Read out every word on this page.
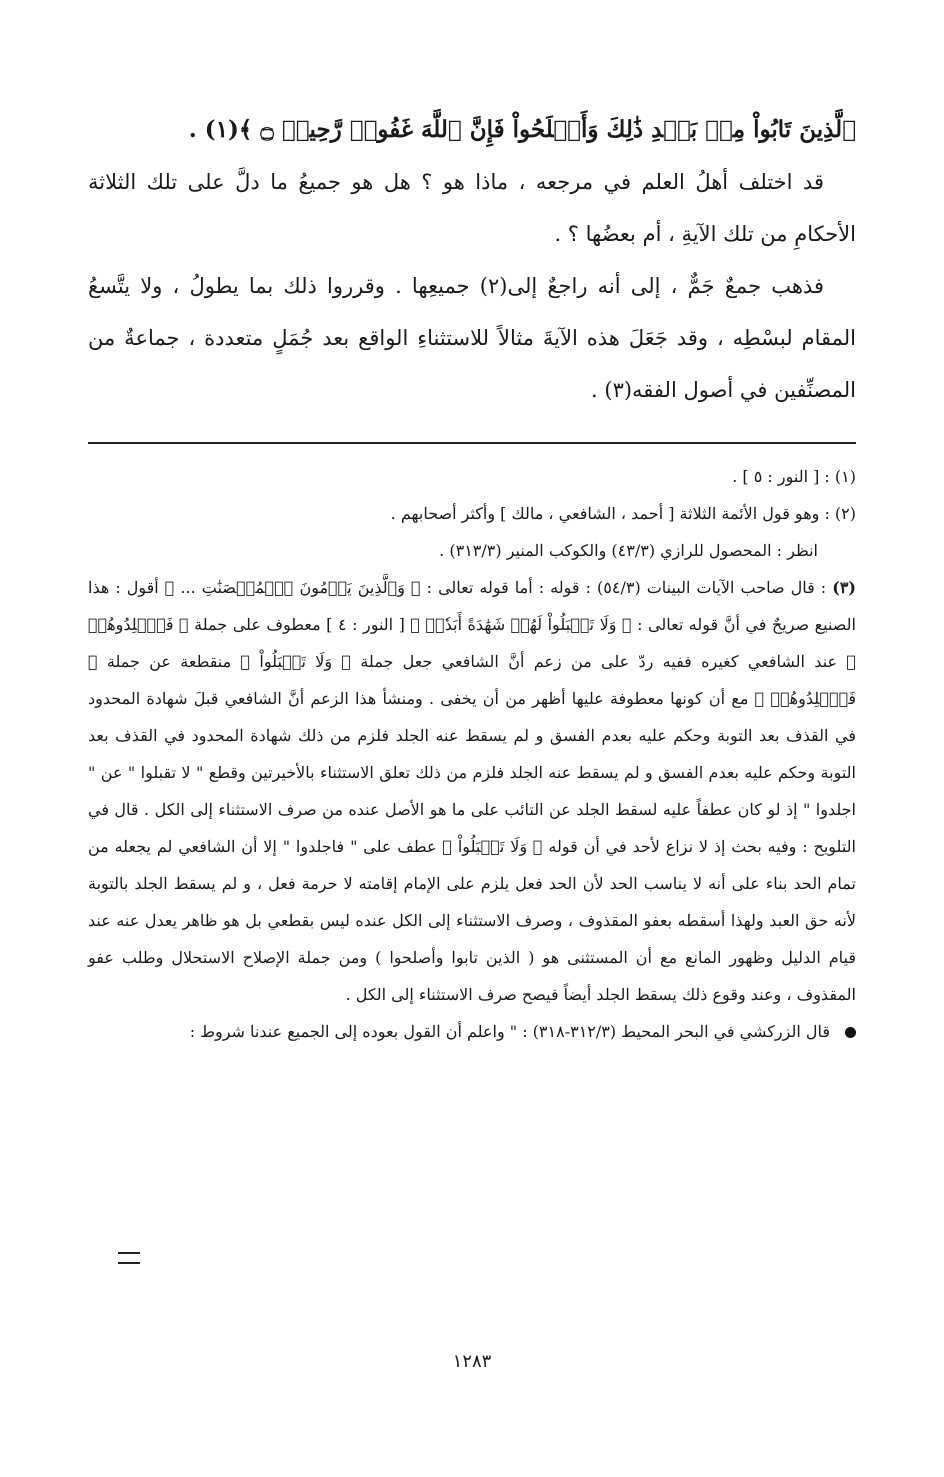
ٱلَّذِينَ تَابُواْ مِنۢ بَعۡدِ ذَٰلِكَ وَأَصۡلَحُواْ فَإِنَّ ٱللَّهَ غَفُورٞ رَّحِيمٞ ۝ ﴾(١) .

قد اختلف أهلُ العلم في مرجعه ، ماذا هو ؟ هل هو جميعُ ما دلَّ على تلك الثلاثة الأحكامِ من تلك الآيةِ ، أم بعضُها ؟ .

فذهب جمعٌ جَمٌّ ، إلى أنه راجعٌ إلى(٢) جميعِها . وقرروا ذلك بما يطولُ ، ولا يتَّسعُ المقام لبسْطِه ، وقد جَعَلَ هذه الآيةَ مثالاً للاستثناءِ الواقع بعد جُمَلٍ متعددة ، جماعةٌ من المصنِّفين في أصول الفقه(٣) .

(١) : [ النور : ٥ ] .

(٢) : وهو قول الأئمة الثلاثة [ أحمد ، الشافعي ، مالك ] وأكثر أصحابهم .

انظر : المحصول للرازي (٤٣/٣) والكوكب المنير (٣١٣/٣) .

(٣) : قال صاحب الآيات البينات (٥٤/٣) : قوله : أما قوله تعالى : ﴿ وَٱلَّذِينَ يَرۡمُونَ ٱلۡمُحۡصَنَٰتِ ... ﴾ أقول : هذا الصنيع صريحٌ في أنَّ قوله تعالى : ﴿ وَلَا تَقۡبَلُواْ لَهُمۡ شَهَٰدَةً أَبَدٗاۚ ﴾ [ النور : ٤ ] معطوف على جملة ﴿ فَٱجۡلِدُوهُمۡ ﴾ عند الشافعي كغيره ففيه ردّ على من زعم أنَّ الشافعي جعل جملة ﴿ وَلَا تَقۡبَلُواْ ﴾ منقطعة عن جملة ﴿ فَٱجۡلِدُوهُمۡ ﴾ مع أن كونها معطوفة عليها أظهر من أن يخفى . ومنشأ هذا الزعم أنَّ الشافعي قبلَ شهادة المحدود في القذف بعد التوبة وحكم عليه بعدم الفسق و لم يسقط عنه الجلد فلزم من ذلك شهادة المحدود في القذف بعد التوبة وحكم عليه بعدم الفسق و لم يسقط عنه الجلد فلزم من ذلك تعلق الاستثناء بالأخيرتين وقطع " لا تقبلوا " عن " اجلدوا " إذ لو كان عطفاً عليه لسقط الجلد عن التائب على ما هو الأصل عنده من صرف الاستثناء إلى الكل . قال في التلويح : وفيه بحث إذ لا نزاع لأحد في أن قوله ﴿ وَلَا تَقۡبَلُواْ ﴾ عطف على " فاجلدوا " إلا أن الشافعي لم يجعله من تمام الحد بناء على أنه لا يناسب الحد لأن الحد فعل يلزم على الإمام إقامته لا حرمة فعل ، و لم يسقط الجلد بالتوبة لأنه حق العبد ولهذا أسقطه بعفو المقذوف ، وصرف الاستثناء إلى الكل عنده ليس بقطعي بل هو ظاهر يعدل عنه عند قيام الدليل وظهور المانع مع أن المستثنى هو ( الذين تابوا وأصلحوا ) ومن جملة الإصلاح الاستحلال وطلب عفو المقذوف ، وعند وقوع ذلك يسقط الجلد أيضاً فيصح صرف الاستثناء إلى الكل .

قال الزركشي في البحر المحيط (٣١٢/٣-٣١٨) : " واعلم أن القول بعوده إلى الجميع عندنا شروط :

١٢٨٣
